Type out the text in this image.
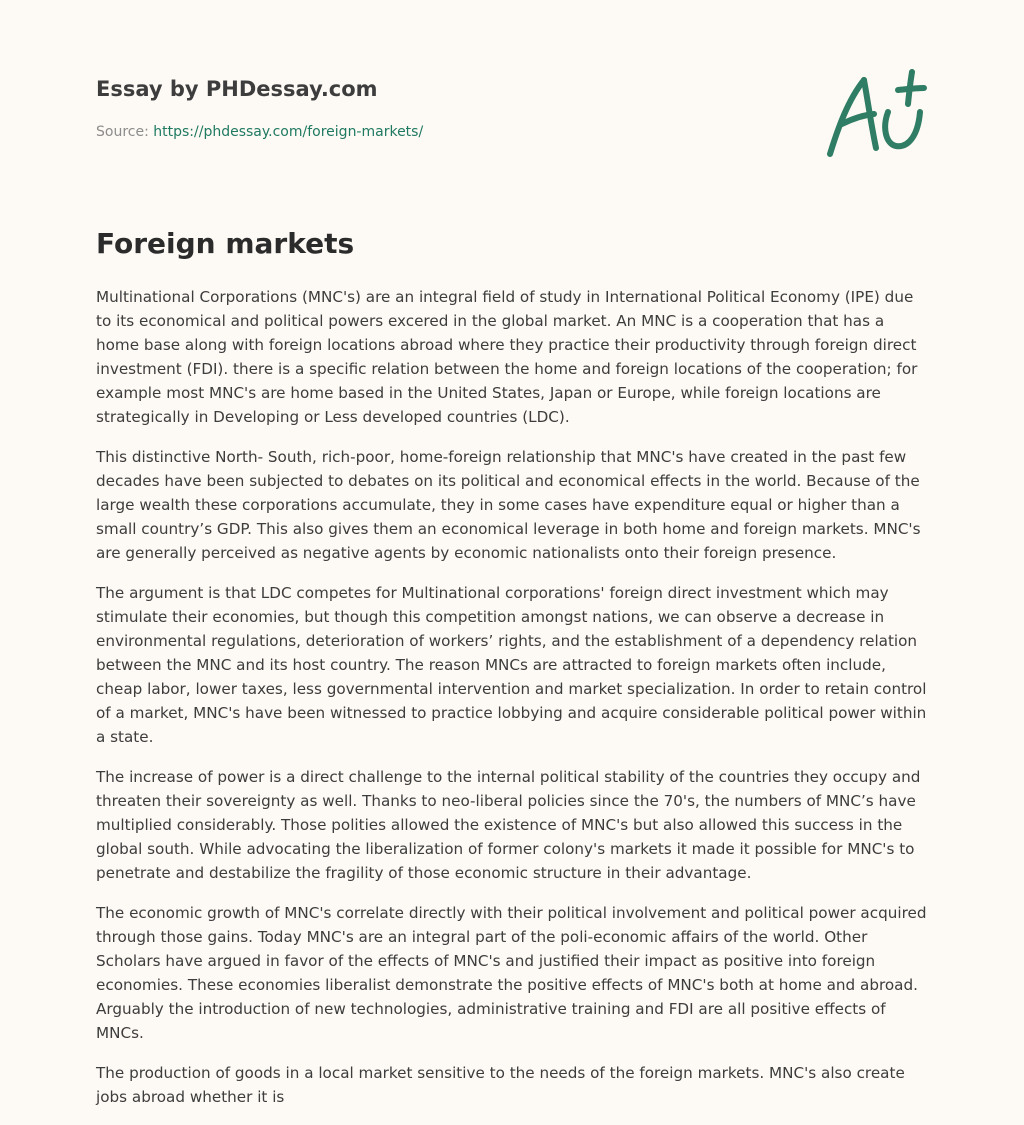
Essay by PHDessay.com
Source: https://phdessay.com/foreign-markets/
Foreign markets

Multinational Corporations (MNC's) are an integral field of study in International Political Economy (IPE) due to its economical and political powers excered in the global market. An MNC is a cooperation that has a home base along with foreign locations abroad where they practice their productivity through foreign direct investment (FDI). there is a specific relation between the home and foreign locations of the cooperation; for example most MNC's are home based in the United States, Japan or Europe, while foreign locations are strategically in Developing or Less developed countries (LDC).

This distinctive North- South, rich-poor, home-foreign relationship that MNC's have created in the past few decades have been subjected to debates on its political and economical effects in the world. Because of the large wealth these corporations accumulate, they in some cases have expenditure equal or higher than a small country’s GDP. This also gives them an economical leverage in both home and foreign markets. MNC's are generally perceived as negative agents by economic nationalists onto their foreign presence.

The argument is that LDC competes for Multinational corporations' foreign direct investment which may stimulate their economies, but though this competition amongst nations, we can observe a decrease in environmental regulations, deterioration of workers’ rights, and the establishment of a dependency relation between the MNC and its host country. The reason MNCs are attracted to foreign markets often include, cheap labor, lower taxes, less governmental intervention and market specialization. In order to retain control of a market, MNC's have been witnessed to practice lobbying and acquire considerable political power within a state.

The increase of power is a direct challenge to the internal political stability of the countries they occupy and threaten their sovereignty as well. Thanks to neo-liberal policies since the 70's, the numbers of MNC’s have multiplied considerably. Those polities allowed the existence of MNC's but also allowed this success in the global south. While advocating the liberalization of former colony's markets it made it possible for MNC's to penetrate and destabilize the fragility of those economic structure in their advantage.

The economic growth of MNC's correlate directly with their political involvement and political power acquired through those gains. Today MNC's are an integral part of the poli-economic affairs of the world. Other Scholars have argued in favor of the effects of MNC's and justified their impact as positive into foreign economies. These economies liberalist demonstrate the positive effects of MNC's both at home and abroad. Arguably the introduction of new technologies, administrative training and FDI are all positive effects of MNCs.

The production of goods in a local market sensitive to the needs of the foreign markets. MNC's also create jobs abroad whether it is
